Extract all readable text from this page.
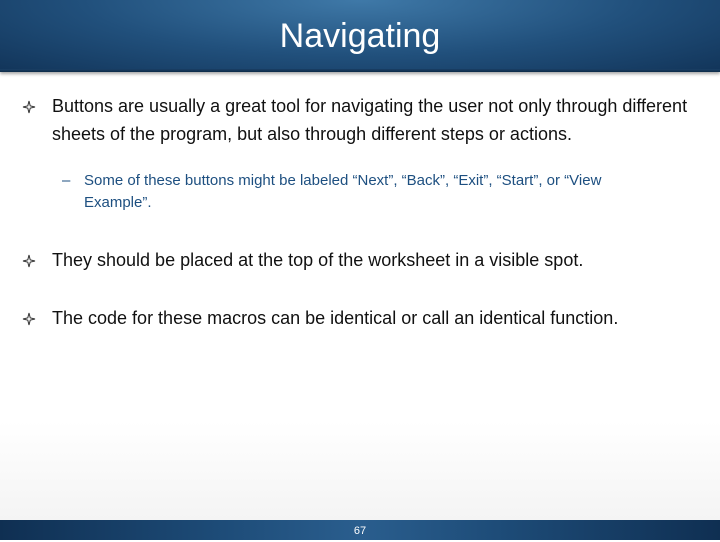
Navigating
Buttons are usually a great tool for navigating the user not only through different sheets of the program, but also through different steps or actions.
– Some of these buttons might be labeled “Next”, “Back”, “Exit”, “Start”, or “View Example”.
They should be placed at the top of the worksheet in a visible spot.
The code for these macros can be identical or call an identical function.
67
